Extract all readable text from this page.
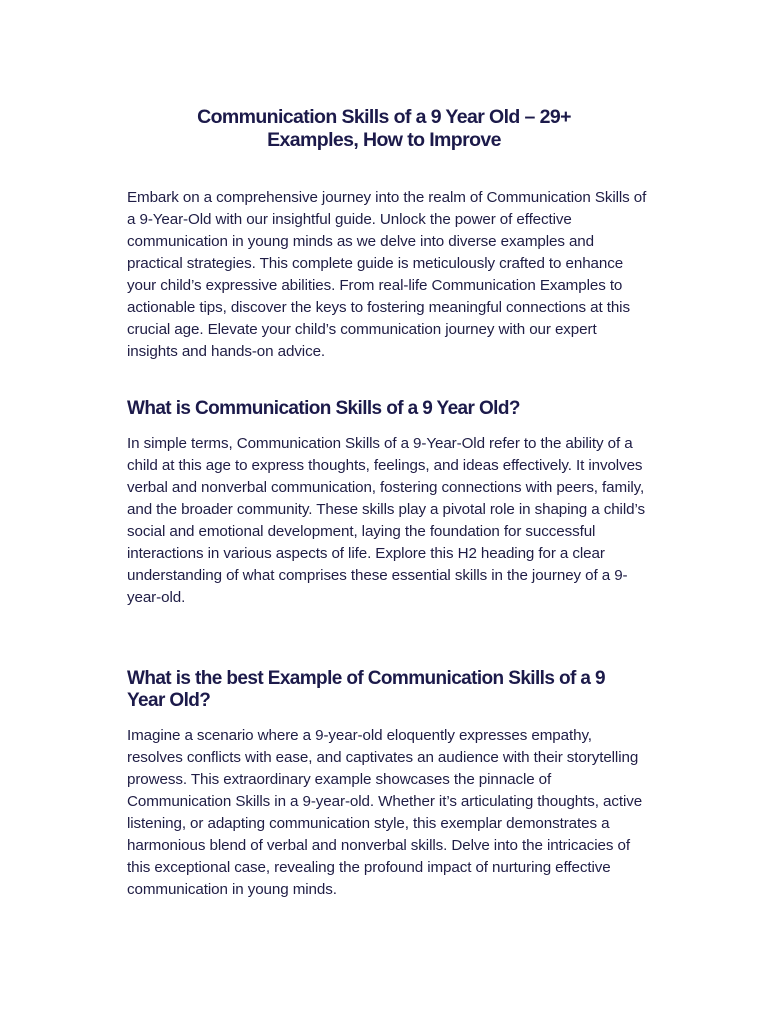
Communication Skills of a 9 Year Old – 29+ Examples, How to Improve

Embark on a comprehensive journey into the realm of Communication Skills of a 9-Year-Old with our insightful guide. Unlock the power of effective communication in young minds as we delve into diverse examples and practical strategies. This complete guide is meticulously crafted to enhance your child’s expressive abilities. From real-life Communication Examples to actionable tips, discover the keys to fostering meaningful connections at this crucial age. Elevate your child’s communication journey with our expert insights and hands-on advice.

What is Communication Skills of a 9 Year Old?

In simple terms, Communication Skills of a 9-Year-Old refer to the ability of a child at this age to express thoughts, feelings, and ideas effectively. It involves verbal and nonverbal communication, fostering connections with peers, family, and the broader community. These skills play a pivotal role in shaping a child’s social and emotional development, laying the foundation for successful interactions in various aspects of life. Explore this H2 heading for a clear understanding of what comprises these essential skills in the journey of a 9-year-old.

What is the best Example of Communication Skills of a 9 Year Old?

Imagine a scenario where a 9-year-old eloquently expresses empathy, resolves conflicts with ease, and captivates an audience with their storytelling prowess. This extraordinary example showcases the pinnacle of Communication Skills in a 9-year-old. Whether it’s articulating thoughts, active listening, or adapting communication style, this exemplar demonstrates a harmonious blend of verbal and nonverbal skills. Delve into the intricacies of this exceptional case, revealing the profound impact of nurturing effective communication in young minds.
